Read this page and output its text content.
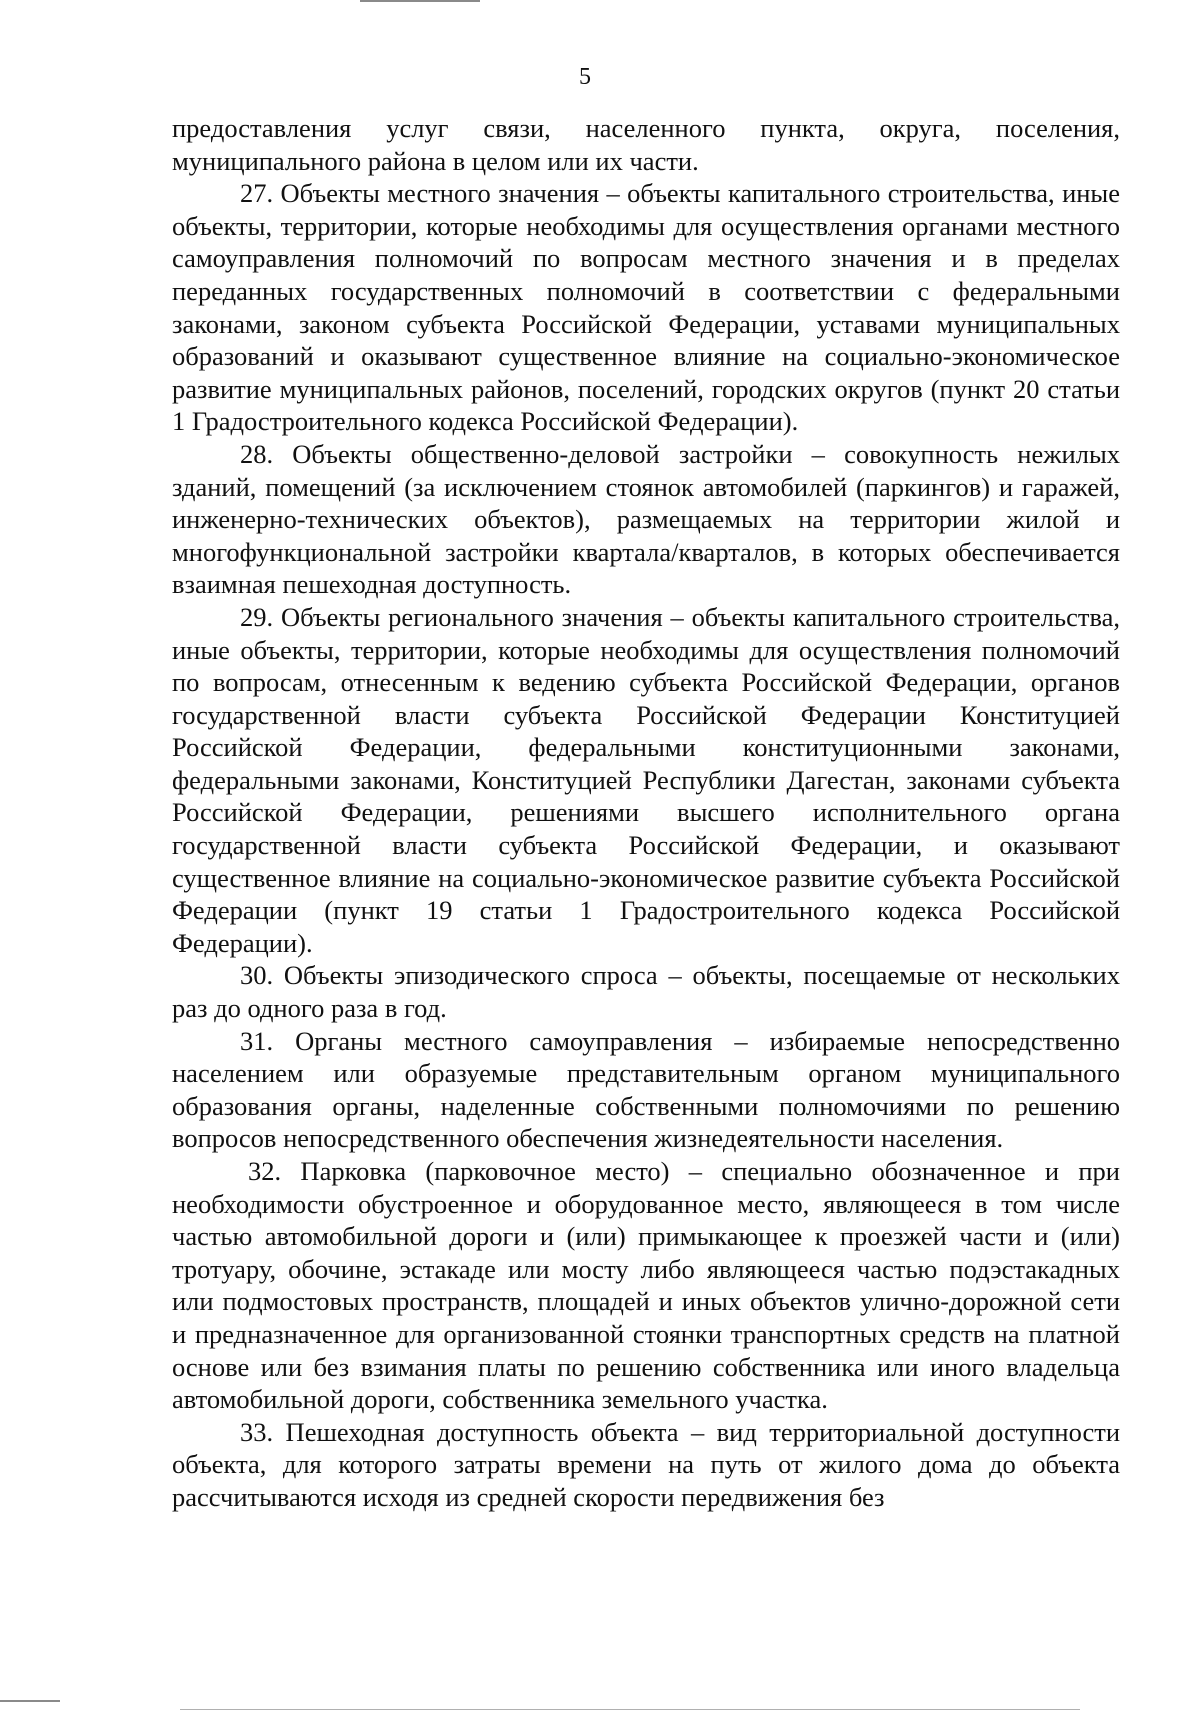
5

предоставления услуг связи, населенного пункта, округа, поселения, муниципального района в целом или их части.

27. Объекты местного значения – объекты капитального строительства, иные объекты, территории, которые необходимы для осуществления органами местного самоуправления полномочий по вопросам местного значения и в пределах переданных государственных полномочий в соответствии с федеральными законами, законом субъекта Российской Федерации, уставами муниципальных образований и оказывают существенное влияние на социально-экономическое развитие муниципальных районов, поселений, городских округов (пункт 20 статьи 1 Градостроительного кодекса Российской Федерации).

28. Объекты общественно-деловой застройки – совокупность нежилых зданий, помещений (за исключением стоянок автомобилей (паркингов) и гаражей, инженерно-технических объектов), размещаемых на территории жилой и многофункциональной застройки квартала/кварталов, в которых обеспечивается взаимная пешеходная доступность.

29. Объекты регионального значения – объекты капитального строительства, иные объекты, территории, которые необходимы для осуществления полномочий по вопросам, отнесенным к ведению субъекта Российской Федерации, органов государственной власти субъекта Российской Федерации Конституцией Российской Федерации, федеральными конституционными законами, федеральными законами, Конституцией Республики Дагестан, законами субъекта Российской Федерации, решениями высшего исполнительного органа государственной власти субъекта Российской Федерации, и оказывают существенное влияние на социально-экономическое развитие субъекта Российской Федерации (пункт 19 статьи 1 Градостроительного кодекса Российской Федерации).

30. Объекты эпизодического спроса – объекты, посещаемые от нескольких раз до одного раза в год.

31. Органы местного самоуправления – избираемые непосредственно населением или образуемые представительным органом муниципального образования органы, наделенные собственными полномочиями по решению вопросов непосредственного обеспечения жизнедеятельности населения.

32. Парковка (парковочное место) – специально обозначенное и при необходимости обустроенное и оборудованное место, являющееся в том числе частью автомобильной дороги и (или) примыкающее к проезжей части и (или) тротуару, обочине, эстакаде или мосту либо являющееся частью подэстакадных или подмостовых пространств, площадей и иных объектов улично-дорожной сети и предназначенное для организованной стоянки транспортных средств на платной основе или без взимания платы по решению собственника или иного владельца автомобильной дороги, собственника земельного участка.

33. Пешеходная доступность объекта – вид территориальной доступности объекта, для которого затраты времени на путь от жилого дома до объекта рассчитываются исходя из средней скорости передвижения без
